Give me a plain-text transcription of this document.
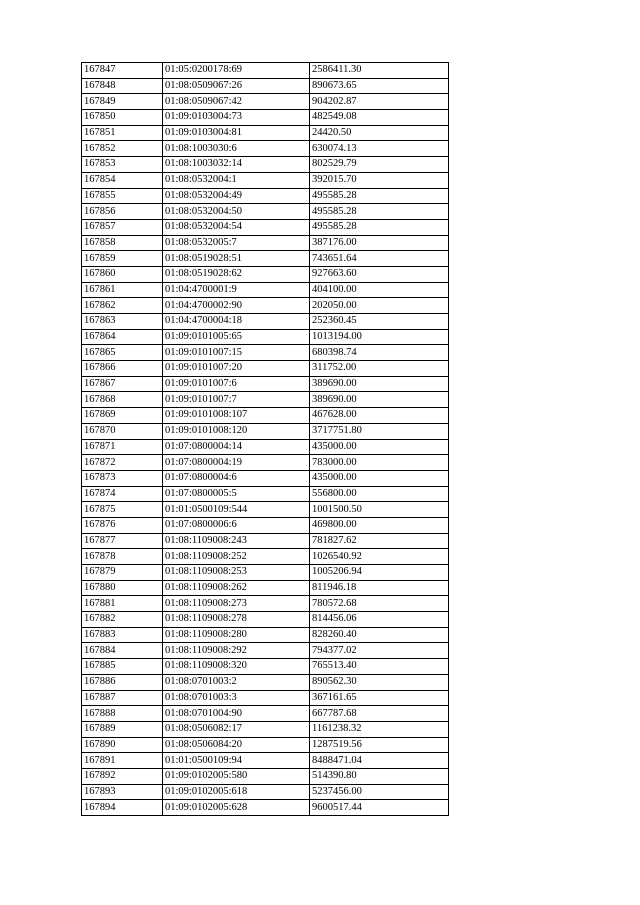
167847	01:05:0200178:69	2586411.30
167848	01:08:0509067:26	890673.65
167849	01:08:0509067:42	904202.87
167850	01:09:0103004:73	482549.08
167851	01:09:0103004:81	24420.50
167852	01:08:1003030:6	630074.13
167853	01:08:1003032:14	802529.79
167854	01:08:0532004:1	392015.70
167855	01:08:0532004:49	495585.28
167856	01:08:0532004:50	495585.28
167857	01:08:0532004:54	495585.28
167858	01:08:0532005:7	387176.00
167859	01:08:0519028:51	743651.64
167860	01:08:0519028:62	927663.60
167861	01:04:4700001:9	404100.00
167862	01:04:4700002:90	202050.00
167863	01:04:4700004:18	252360.45
167864	01:09:0101005:65	1013194.00
167865	01:09:0101007:15	680398.74
167866	01:09:0101007:20	311752.00
167867	01:09:0101007:6	389690.00
167868	01:09:0101007:7	389690.00
167869	01:09:0101008:107	467628.00
167870	01:09:0101008:120	3717751.80
167871	01:07:0800004:14	435000.00
167872	01:07:0800004:19	783000.00
167873	01:07:0800004:6	435000.00
167874	01:07:0800005:5	556800.00
167875	01:01:0500109:544	1001500.50
167876	01:07:0800006:6	469800.00
167877	01:08:1109008:243	781827.62
167878	01:08:1109008:252	1026540.92
167879	01:08:1109008:253	1005206.94
167880	01:08:1109008:262	811946.18
167881	01:08:1109008:273	780572.68
167882	01:08:1109008:278	814456.06
167883	01:08:1109008:280	828260.40
167884	01:08:1109008:292	794377.02
167885	01:08:1109008:320	765513.40
167886	01:08:0701003:2	890562.30
167887	01:08:0701003:3	367161.65
167888	01:08:0701004:90	667787.68
167889	01:08:0506082:17	1161238.32
167890	01:08:0506084:20	1287519.56
167891	01:01:0500109:94	8488471.04
167892	01:09:0102005:580	514390.80
167893	01:09:0102005:618	5237456.00
167894	01:09:0102005:628	9600517.44
